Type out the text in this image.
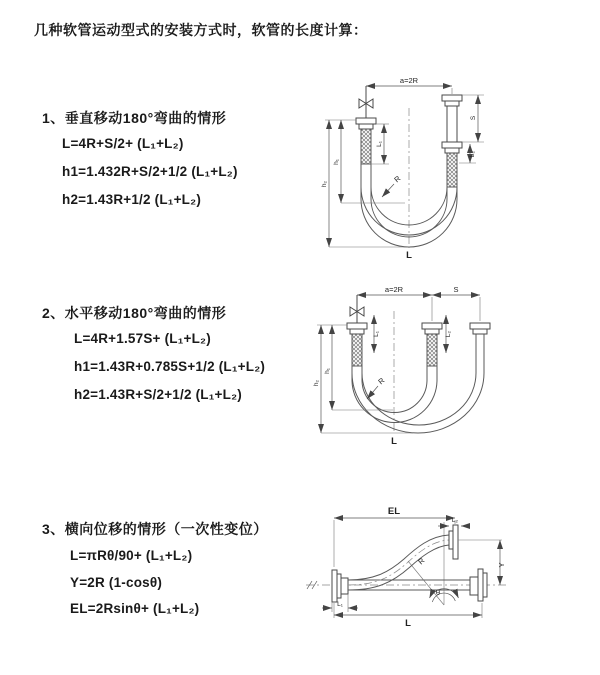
几种软管运动型式的安装方式时，软管的长度计算：
1、垂直移动180°弯曲的情形
L=4R+S/2+ (L₁+L₂)
h1=1.432R+S/2+1/2 (L₁+L₂)
h2=1.43R+1/2 (L₁+L₂)
a=2R
h₁
h₂
L₁
S
L₂
R
L
2、水平移动180°弯曲的情形
L=4R+1.57S+ (L₁+L₂)
h1=1.43R+0.785S+1/2 (L₁+L₂)
h2=1.43R+S/2+1/2 (L₁+L₂)
a=2R	S
h₁
h₂
L₁	L₂
R
L
3、横向位移的情形（一次性变位）
L=πRθ/90+ (L₁+L₂)
Y=2R (1-cosθ)
EL=2Rsinθ+ (L₁+L₂)
EL
L₂
Y
θ
R
L₁
L
